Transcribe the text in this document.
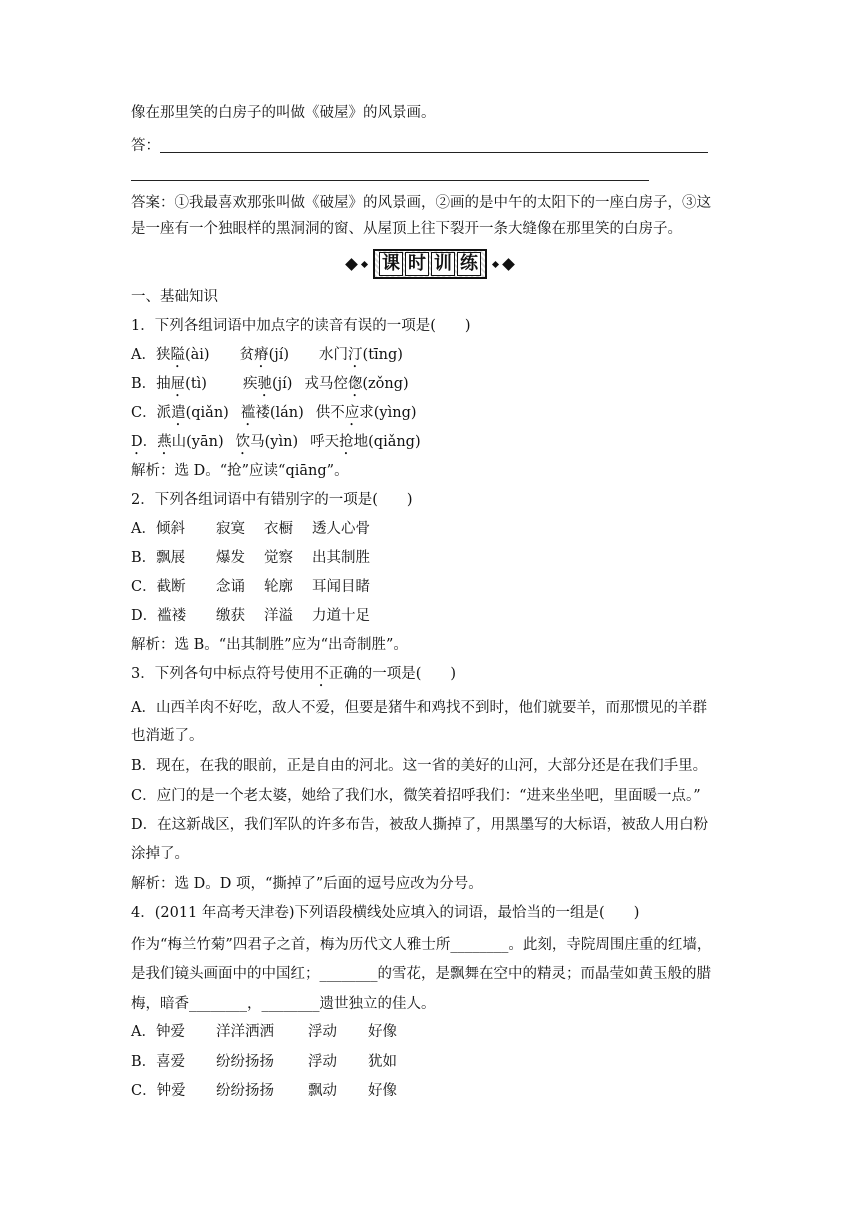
像在那里笑的白房子的叫做《破屋》的风景画。
答：
答案：①我最喜欢那张叫做《破屋》的风景画，②画的是中午的太阳下的一座白房子，③这
是一座有一个独眼样的黑洞洞的窗、从屋顶上往下裂开一条大缝像在那里笑的白房子。
课 时 训 练
一、基础知识
1．下列各组词语中加点字的读音有误的一项是(　　)
A．狭隘(ài) 贫瘠(jí) 水门汀(tīng)
B．抽屉(tì) 疾驰(jí) 戎马倥偬(zǒng)
C．派遣(qiǎn) 褴褛(lán) 供不应求(yìng)
D．燕山(yān) 饮马(yìn) 呼天抢地(qiǎng)
解析：选 D。“抢”应读“qiāng”。
2．下列各组词语中有错别字的一项是(　　)
A．倾斜 寂寞 衣橱 透人心骨
B．飘展 爆发 觉察 出其制胜
C．截断 念诵 轮廓 耳闻目睹
D．褴褛 缴获 洋溢 力道十足
解析：选 B。“出其制胜”应为“出奇制胜”。
3．下列各句中标点符号使用不正确的一项是(　　)
A．山西羊肉不好吃，敌人不爱，但要是猪牛和鸡找不到时，他们就要羊，而那惯见的羊群
也消逝了。
B．现在，在我的眼前，正是自由的河北。这一省的美好的山河，大部分还是在我们手里。
C．应门的是一个老太婆，她给了我们水，微笑着招呼我们：“进来坐坐吧，里面暖一点。”
D．在这新战区，我们军队的许多布告，被敌人撕掉了，用黑墨写的大标语，被敌人用白粉
涂掉了。
解析：选 D。D 项，“撕掉了”后面的逗号应改为分号。
4．(2011 年高考天津卷)下列语段横线处应填入的词语，最恰当的一组是(　　)
作为“梅兰竹菊”四君子之首，梅为历代文人雅士所________。此刻，寺院周围庄重的红墙，
是我们镜头画面中的中国红；________的雪花，是飘舞在空中的精灵；而晶莹如黄玉般的腊
梅，暗香________，________遗世独立的佳人。
A．钟爱 洋洋洒洒 浮动 好像
B．喜爱 纷纷扬扬 浮动 犹如
C．钟爱 纷纷扬扬 飘动 好像
